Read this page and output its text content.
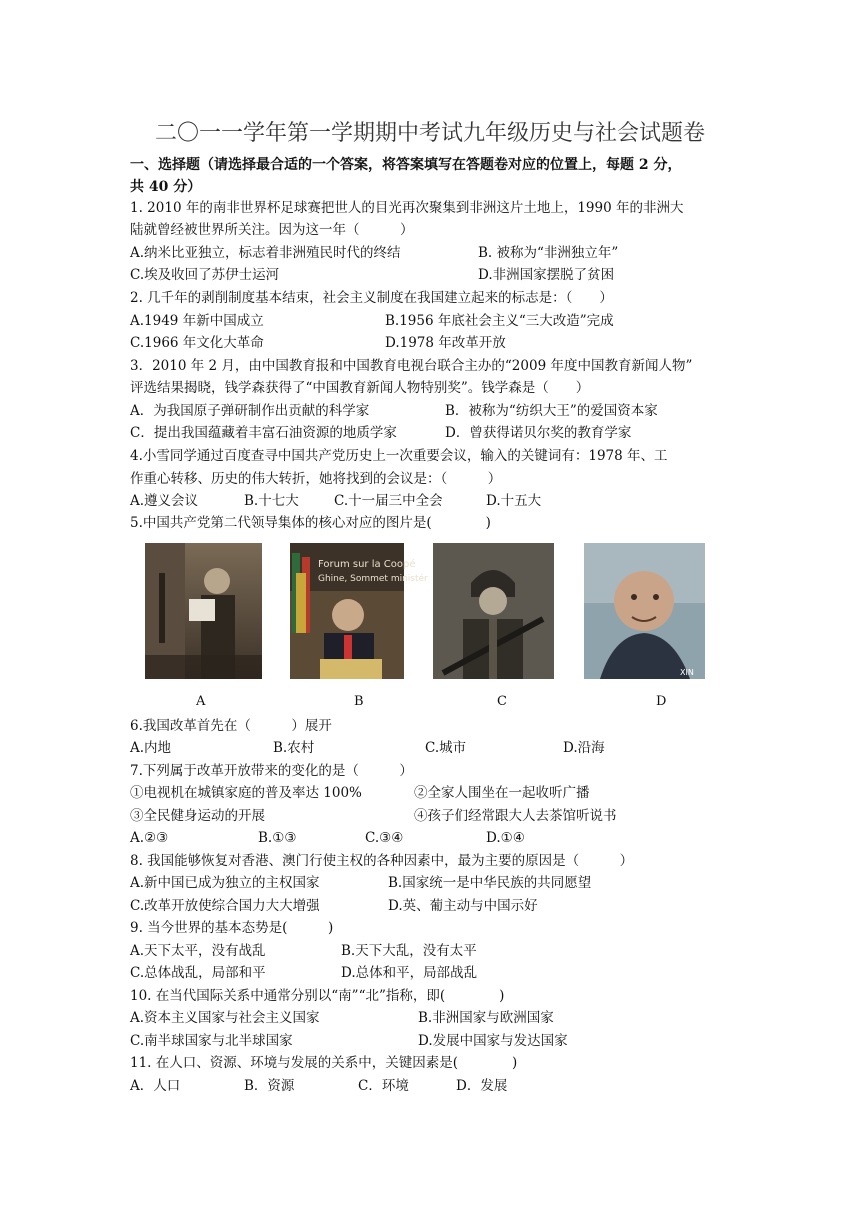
二〇一一学年第一学期期中考试九年级历史与社会试题卷
一、选择题（请选择最合适的一个答案，将答案填写在答题卷对应的位置上，每题 2 分，
共 40 分）
1. 2010 年的南非世界杯足球赛把世人的目光再次聚集到非洲这片土地上，1990 年的非洲大
陆就曾经被世界所关注。因为这一年（　　　）
A.纳米比亚独立，标志着非洲殖民时代的终结	B. 被称为“非洲独立年”
C.埃及收回了苏伊士运河	D.非洲国家摆脱了贫困
2. 几千年的剥削制度基本结束，社会主义制度在我国建立起来的标志是：（　　）
A.1949 年新中国成立	B.1956 年底社会主义“三大改造”完成
C.1966 年文化大革命	D.1978 年改革开放
3．2010 年 2 月，由中国教育报和中国教育电视台联合主办的“2009 年度中国教育新闻人物”
评选结果揭晓，钱学森获得了“中国教育新闻人物特别奖”。钱学森是（　　）
A．为我国原子弹研制作出贡献的科学家	B．被称为“纺织大王”的爱国资本家
C．提出我国蕴藏着丰富石油资源的地质学家	D．曾获得诺贝尔奖的教育学家
4.小雪同学通过百度查寻中国共产党历史上一次重要会议，输入的关键词有：1978 年、工
作重心转移、历史的伟大转折，她将找到的会议是：（　　　）
A.遵义会议	B.十七大	C.十一届三中全会	D.十五大
5.中国共产党第二代领导集体的核心对应的图片是(　　　　)
Forum sur la Coopé
Ghine, Sommet ministér
XIN
A	B	C	D
6.我国改革首先在（　　　）展开
A.内地	B.农村	C.城市	D.沿海
7.下列属于改革开放带来的变化的是（　　　）
①电视机在城镇家庭的普及率达 100%	②全家人围坐在一起收听广播
③全民健身运动的开展	④孩子们经常跟大人去茶馆听说书
A.②③	B.①③	C.③④	D.①④
8. 我国能够恢复对香港、澳门行使主权的各种因素中，最为主要的原因是（　　　）
A.新中国已成为独立的主权国家	B.国家统一是中华民族的共同愿望
C.改革开放使综合国力大大增强	D.英、葡主动与中国示好
9. 当今世界的基本态势是(　　　)
A.天下太平，没有战乱	B.天下大乱，没有太平
C.总体战乱，局部和平	D.总体和平，局部战乱
10. 在当代国际关系中通常分别以“南”“北”指称，即(　　　　)
A.资本主义国家与社会主义国家	B.非洲国家与欧洲国家
C.南半球国家与北半球国家	D.发展中国家与发达国家
11. 在人口、资源、环境与发展的关系中，关键因素是(　　　　)
A．人口	B．资源	C．环境	D．发展
